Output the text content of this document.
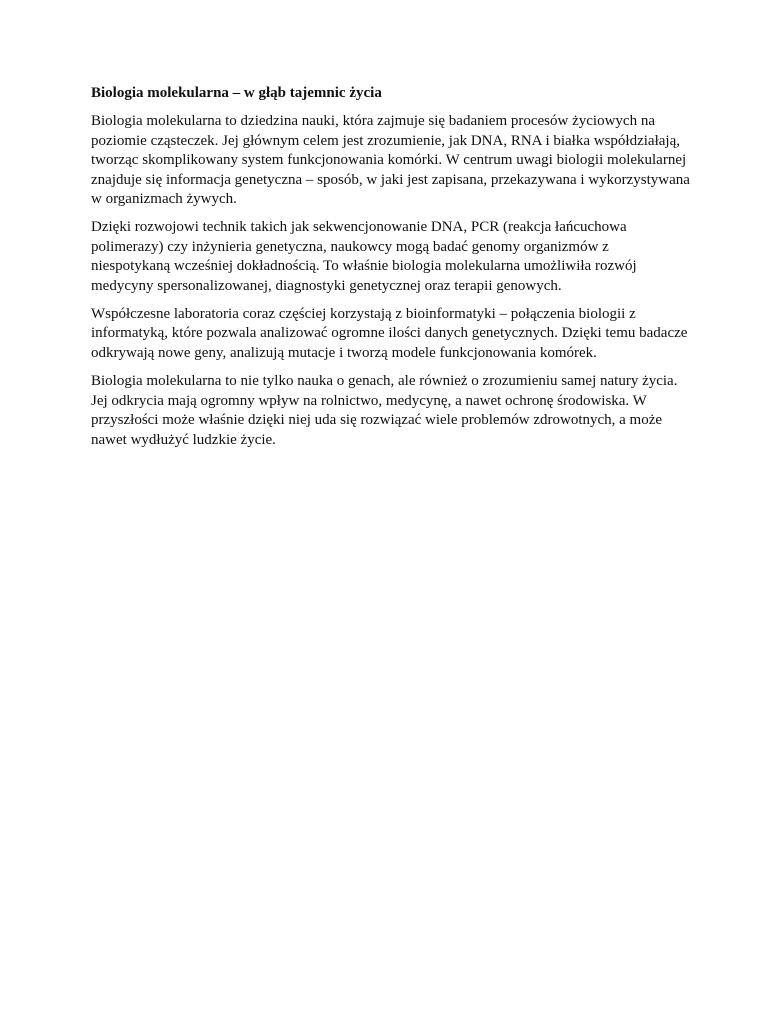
Biologia molekularna – w głąb tajemnic życia

Biologia molekularna to dziedzina nauki, która zajmuje się badaniem procesów życiowych na poziomie cząsteczek. Jej głównym celem jest zrozumienie, jak DNA, RNA i białka współdziałają, tworząc skomplikowany system funkcjonowania komórki. W centrum uwagi biologii molekularnej znajduje się informacja genetyczna – sposób, w jaki jest zapisana, przekazywana i wykorzystywana w organizmach żywych.

Dzięki rozwojowi technik takich jak sekwencjonowanie DNA, PCR (reakcja łańcuchowa polimerazy) czy inżynieria genetyczna, naukowcy mogą badać genomy organizmów z niespotykaną wcześniej dokładnością. To właśnie biologia molekularna umożliwiła rozwój medycyny spersonalizowanej, diagnostyki genetycznej oraz terapii genowych.

Współczesne laboratoria coraz częściej korzystają z bioinformatyki – połączenia biologii z informatyką, które pozwala analizować ogromne ilości danych genetycznych. Dzięki temu badacze odkrywają nowe geny, analizują mutacje i tworzą modele funkcjonowania komórek.

Biologia molekularna to nie tylko nauka o genach, ale również o zrozumieniu samej natury życia. Jej odkrycia mają ogromny wpływ na rolnictwo, medycynę, a nawet ochronę środowiska. W przyszłości może właśnie dzięki niej uda się rozwiązać wiele problemów zdrowotnych, a może nawet wydłużyć ludzkie życie.
